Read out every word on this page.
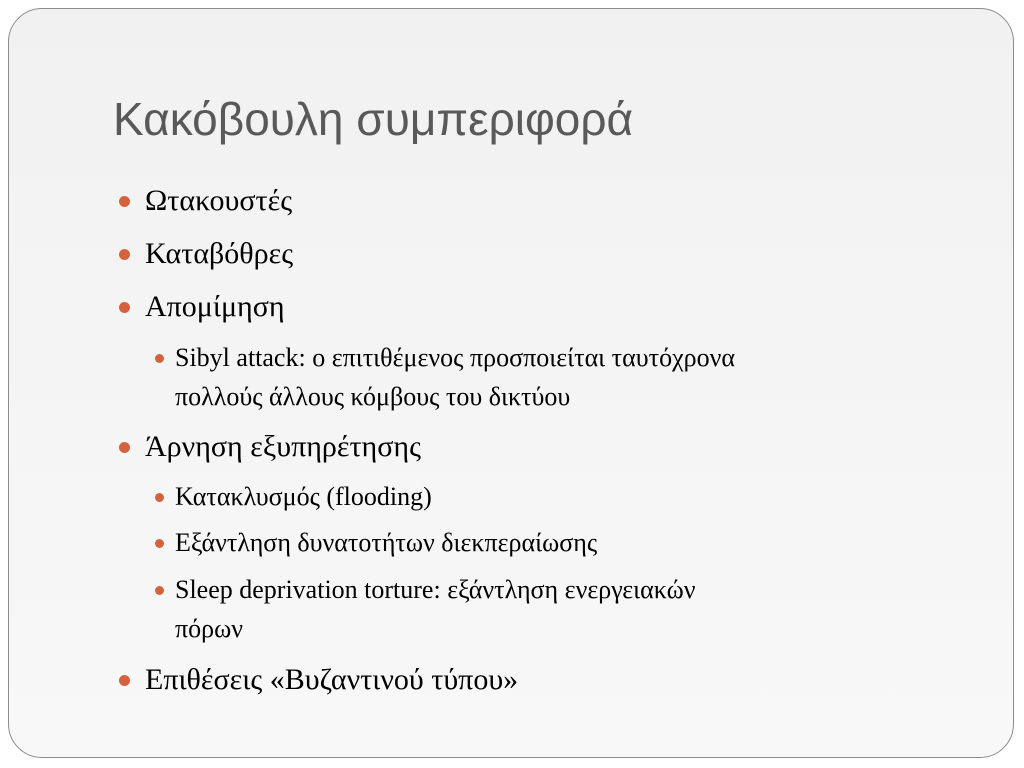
Κακόβουλη συμπεριφορά
Ωτακουστές
Καταβόθρες
Απομίμηση
Sibyl attack: ο επιτιθέμενος προσποιείται ταυτόχρονα
πολλούς άλλους κόμβους του δικτύου
Άρνηση εξυπηρέτησης
Κατακλυσμός (flooding)
Εξάντληση δυνατοτήτων διεκπεραίωσης
Sleep deprivation torture: εξάντληση ενεργειακών
πόρων
Επιθέσεις «Βυζαντινού τύπου»
